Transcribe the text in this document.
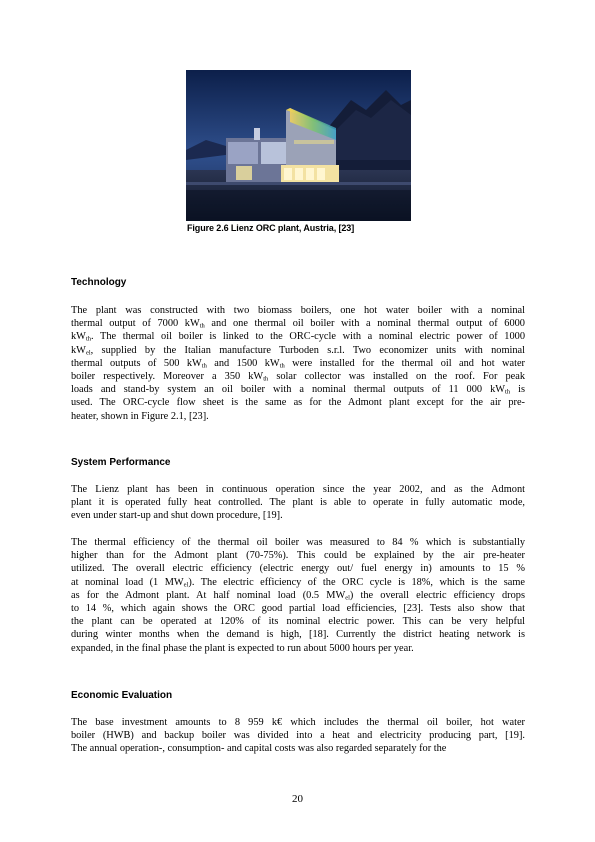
Figure 2.6 Lienz ORC plant, Austria, [23]
Technology
The plant was constructed with two biomass boilers, one hot water boiler with a nominal
thermal output of 7000 $kW_{th}$ and one thermal oil boiler with a nominal thermal output of 6000
$kW_{th}$. The thermal oil boiler is linked to the ORC-cycle with a nominal electric power of 1000
$kW_{el}$, supplied by the Italian manufacture Turboden s.r.l. Two economizer units with nominal
thermal outputs of 500 $kW_{th}$ and 1500 $kW_{th}$ were installed for the thermal oil and hot water
boiler respectively. Moreover a 350 $kW_{th}$ solar collector was installed on the roof. For peak
loads and stand-by system an oil boiler with a nominal thermal outputs of 11 000 $kW_{th}$ is
used. The ORC-cycle flow sheet is the same as for the Admont plant except for the air pre-
heater, shown in Figure 2.1, [23].
System Performance
The Lienz plant has been in continuous operation since the year 2002, and as the Admont
plant it is operated fully heat controlled. The plant is able to operate in fully automatic mode,
even under start-up and shut down procedure, [19].
The thermal efficiency of the thermal oil boiler was measured to 84 % which is substantially
higher than for the Admont plant (70-75%). This could be explained by the air pre-heater
utilized. The overall electric efficiency (electric energy out/ fuel energy in) amounts to 15 %
at nominal load (1 $MW_{el}$). The electric efficiency of the ORC cycle is 18%, which is the same
as for the Admont plant. At half nominal load (0.5 $MW_{el}$) the overall electric efficiency drops
to 14 %, which again shows the ORC good partial load efficiencies, [23]. Tests also show that
the plant can be operated at 120% of its nominal electric power. This can be very helpful
during winter months when the demand is high, [18]. Currently the district heating network is
expanded, in the final phase the plant is expected to run about 5000 hours per year.
Economic Evaluation
The base investment amounts to 8 959 k€ which includes the thermal oil boiler, hot water
boiler (HWB) and backup boiler was divided into a heat and electricity producing part, [19].
The annual operation-, consumption- and capital costs was also regarded separately for the
20
